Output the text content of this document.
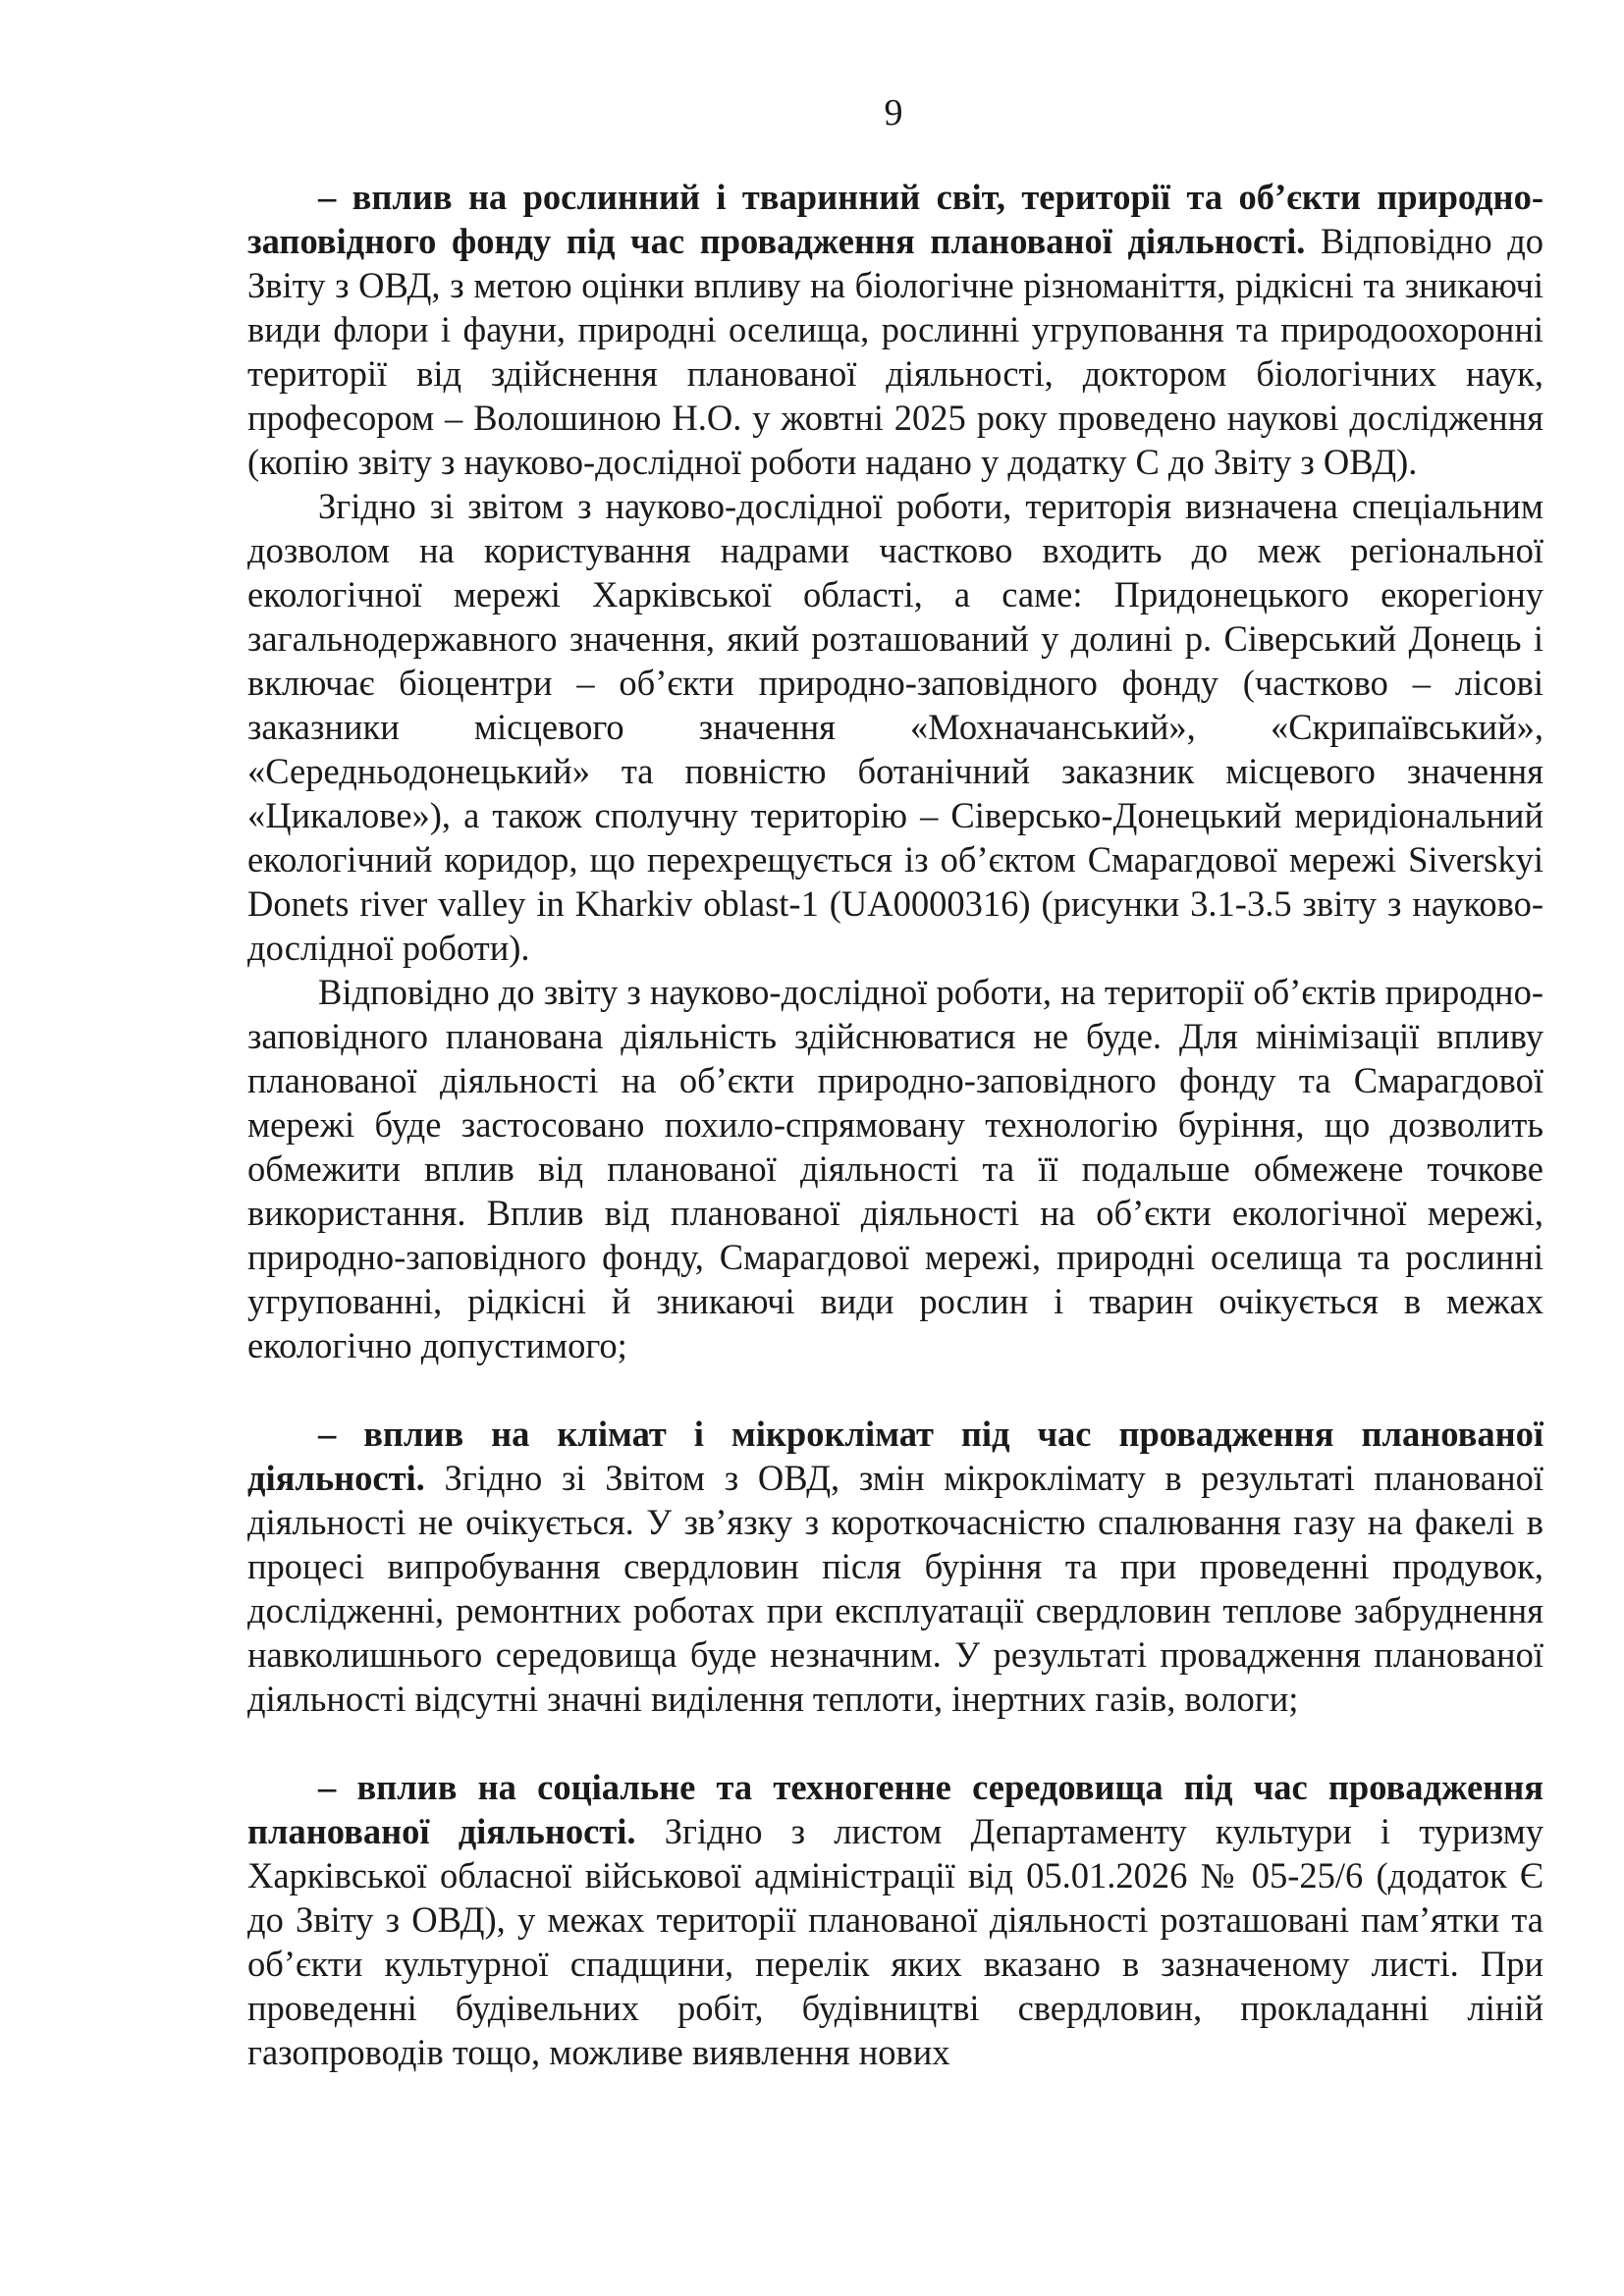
9

– вплив на рослинний і тваринний світ, території та об’єкти природно-заповідного фонду під час провадження планованої діяльності. Відповідно до Звіту з ОВД, з метою оцінки впливу на біологічне різноманіття, рідкісні та зникаючі види флори і фауни, природні оселища, рослинні угруповання та природоохоронні території від здійснення планованої діяльності, доктором біологічних наук, професором – Волошиною Н.О. у жовтні 2025 року проведено наукові дослідження (копію звіту з науково-дослідної роботи надано у додатку С до Звіту з ОВД).

Згідно зі звітом з науково-дослідної роботи, територія визначена спеціальним дозволом на користування надрами частково входить до меж регіональної екологічної мережі Харківської області, а саме: Придонецького екорегіону загальнодержавного значення, який розташований у долині р. Сіверський Донець і включає біоцентри – об’єкти природно-заповідного фонду (частково – лісові заказники місцевого значення «Мохначанський», «Скрипаївський», «Середньодонецький» та повністю ботанічний заказник місцевого значення «Цикалове»), а також сполучну територію – Сіверсько-Донецький меридіональний екологічний коридор, що перехрещується із об’єктом Смарагдової мережі Siverskyi Donets river valley in Kharkiv oblast-1 (UA0000316) (рисунки 3.1-3.5 звіту з науково-дослідної роботи).

Відповідно до звіту з науково-дослідної роботи, на території об’єктів природно-заповідного планована діяльність здійснюватися не буде. Для мінімізації впливу планованої діяльності на об’єкти природно-заповідного фонду та Смарагдової мережі буде застосовано похило-спрямовану технологію буріння, що дозволить обмежити вплив від планованої діяльності та її подальше обмежене точкове використання. Вплив від планованої діяльності на об’єкти екологічної мережі, природно-заповідного фонду, Смарагдової мережі, природні оселища та рослинні угрупованні, рідкісні й зникаючі види рослин і тварин очікується в межах екологічно допустимого;

– вплив на клімат і мікроклімат під час провадження планованої діяльності. Згідно зі Звітом з ОВД, змін мікроклімату в результаті планованої діяльності не очікується. У зв’язку з короткочасністю спалювання газу на факелі в процесі випробування свердловин після буріння та при проведенні продувок, дослідженні, ремонтних роботах при експлуатації свердловин теплове забруднення навколишнього середовища буде незначним. У результаті провадження планованої діяльності відсутні значні виділення теплоти, інертних газів, вологи;

– вплив на соціальне та техногенне середовища під час провадження планованої діяльності. Згідно з листом Департаменту культури і туризму Харківської обласної військової адміністрації від 05.01.2026 № 05-25/6 (додаток Є до Звіту з ОВД), у межах території планованої діяльності розташовані пам’ятки та об’єкти культурної спадщини, перелік яких вказано в зазначеному листі. При проведенні будівельних робіт, будівництві свердловин, прокладанні ліній газопроводів тощо, можливе виявлення нових
